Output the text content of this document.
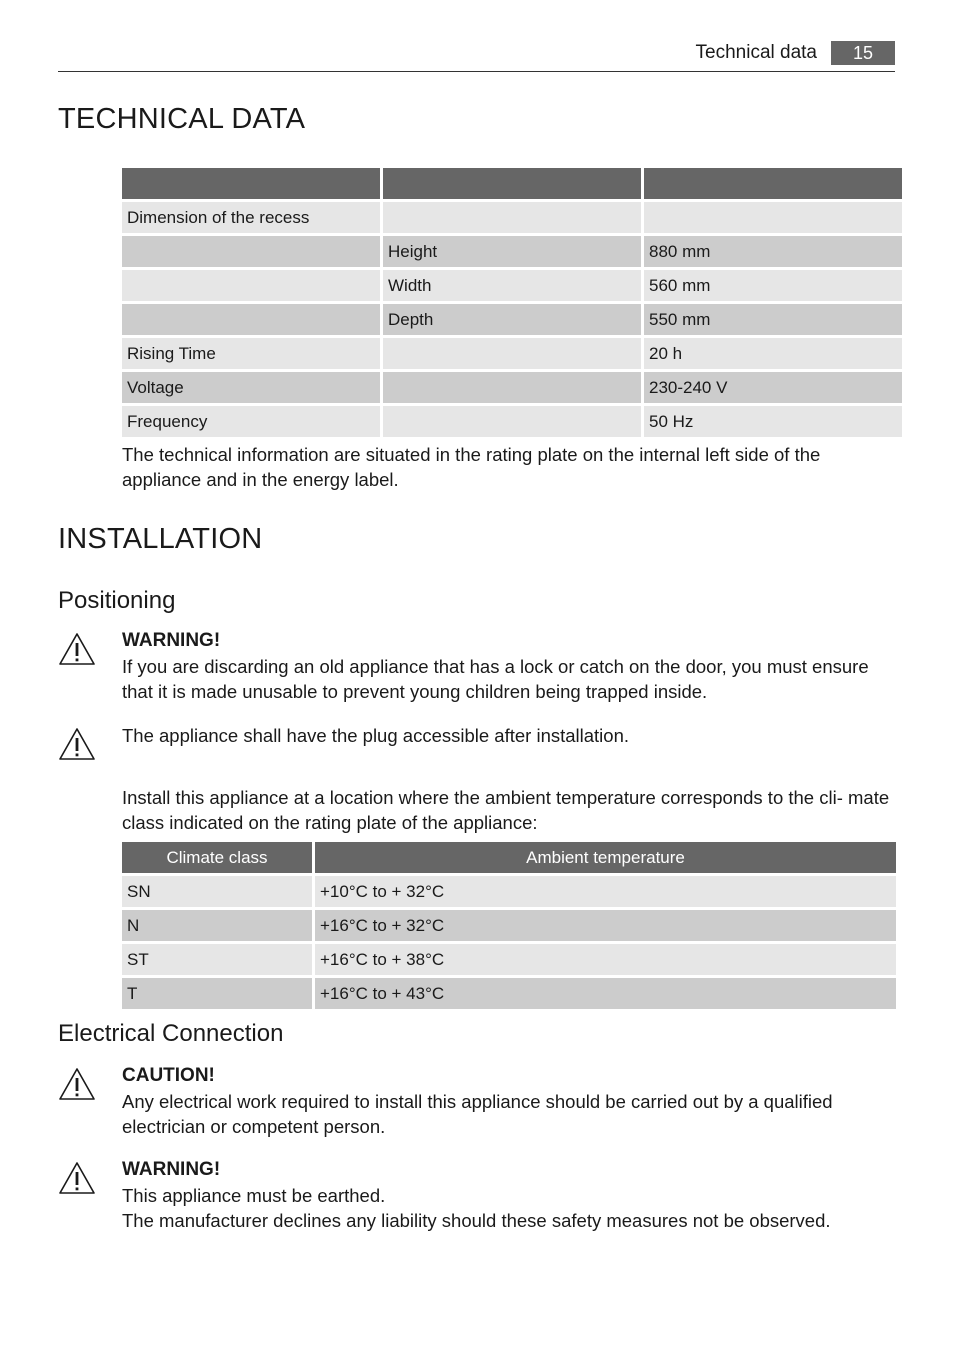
Technical data	15
TECHNICAL DATA

Dimension of the recess		
	Height	880 mm
	Width	560 mm
	Depth	550 mm
Rising Time		20 h
Voltage		230-240 V
Frequency		50 Hz

The technical information are situated in the rating plate on the internal left side of the appliance and in the energy label.

INSTALLATION
Positioning

WARNING!

If you are discarding an old appliance that has a lock or catch on the door, you must ensure that it is made unusable to prevent young children being trapped inside.

The appliance shall have the plug accessible after installation.

Install this appliance at a location where the ambient temperature corresponds to the cli- mate class indicated on the rating plate of the appliance:

Climate class	Ambient temperature
SN	+10°C to + 32°C
N	+16°C to + 32°C
ST	+16°C to + 38°C
T	+16°C to + 43°C
Electrical Connection

CAUTION!

Any electrical work required to install this appliance should be carried out by a qualified electrician or competent person.

WARNING!

This appliance must be earthed.

The manufacturer declines any liability should these safety measures not be observed.
